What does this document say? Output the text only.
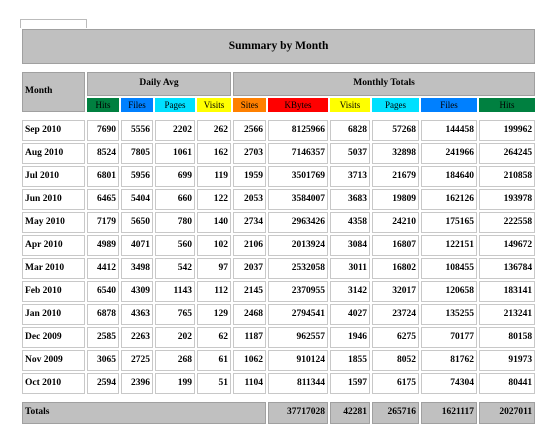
Summary by Month										

Month	Daily Avg				Monthly Totals					
	Hits	Files	Pages	Visits	Sites	KBytes	Visits	Pages	Files	Hits

Sep 2010	7690	5556	2202	262	2566	8125966	6828	57268	144458	199962
Aug 2010	8524	7805	1061	162	2703	7146357	5037	32898	241966	264245
Jul 2010	6801	5956	699	119	1959	3501769	3713	21679	184640	210858
Jun 2010	6465	5404	660	122	2053	3584007	3683	19809	162126	193978
May 2010	7179	5650	780	140	2734	2963426	4358	24210	175165	222558
Apr 2010	4989	4071	560	102	2106	2013924	3084	16807	122151	149672
Mar 2010	4412	3498	542	97	2037	2532058	3011	16802	108455	136784
Feb 2010	6540	4309	1143	112	2145	2370955	3142	32017	120658	183141
Jan 2010	6878	4363	765	129	2468	2794541	4027	23724	135255	213241
Dec 2009	2585	2263	202	62	1187	962557	1946	6275	70177	80158
Nov 2009	3065	2725	268	61	1062	910124	1855	8052	81762	91973
Oct 2010	2594	2396	199	51	1104	811344	1597	6175	74304	80441

Totals						37717028	42281	265716	1621117	2027011
